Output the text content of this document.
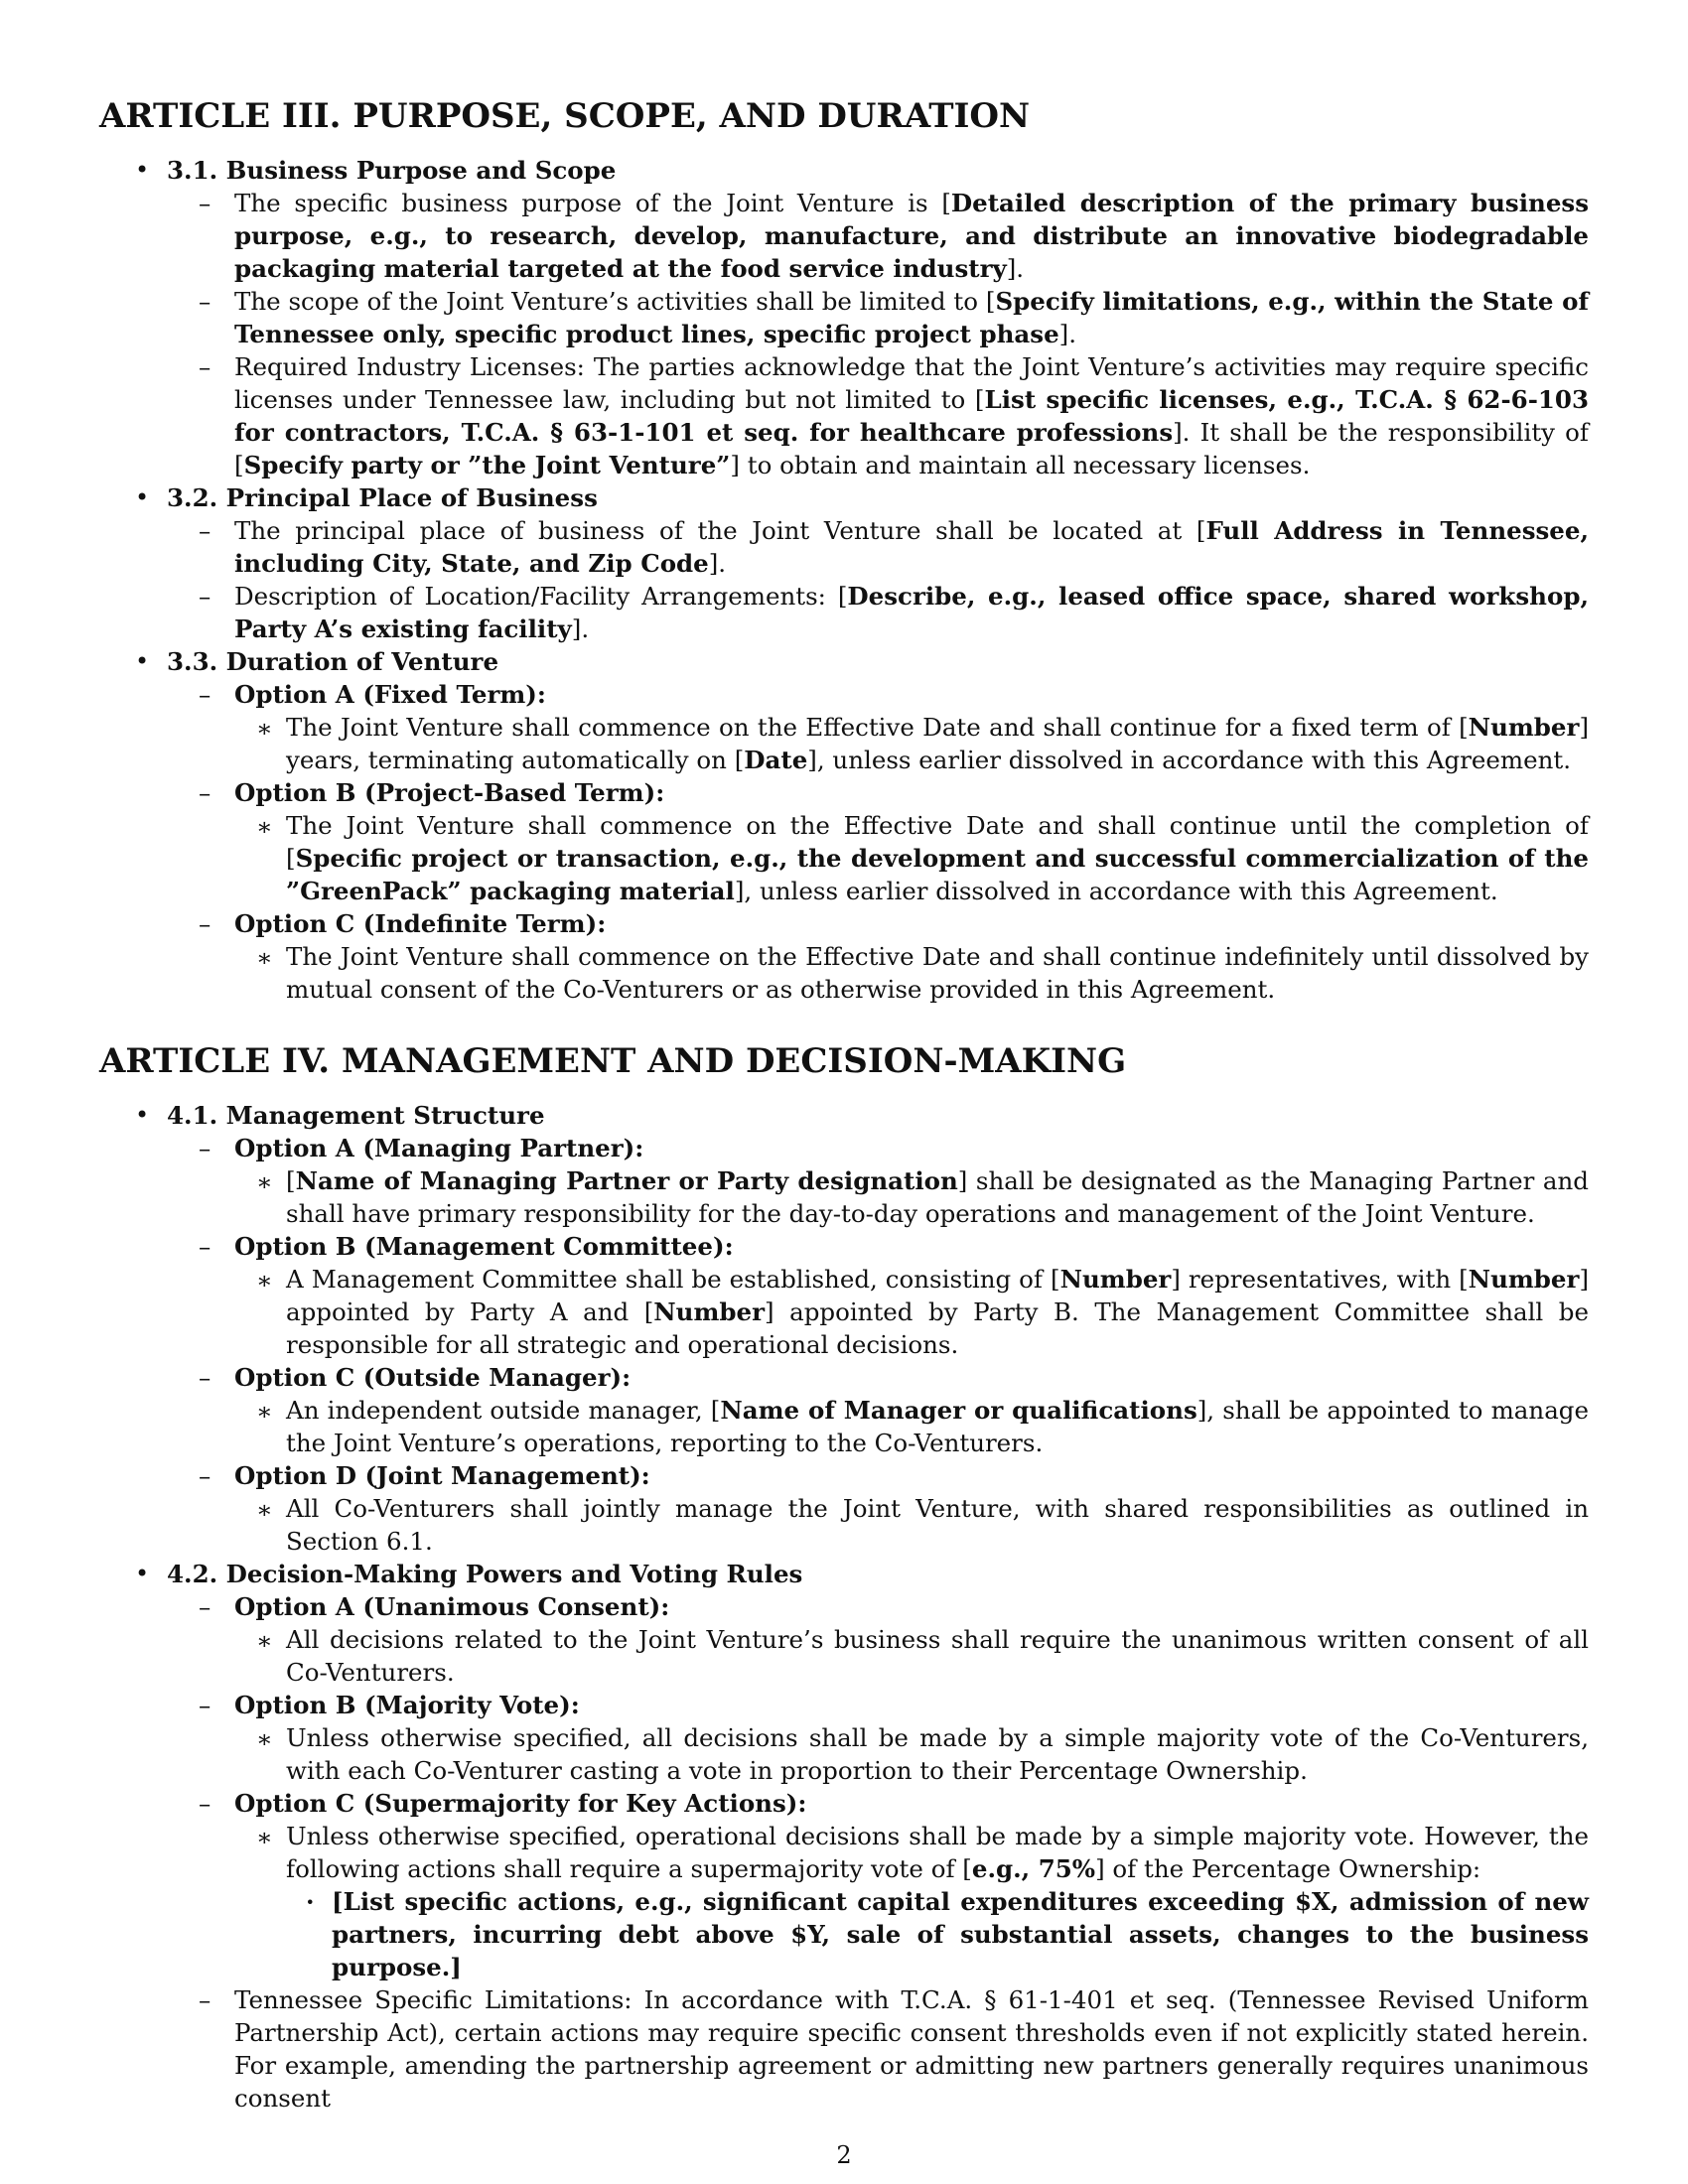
ARTICLE III. PURPOSE, SCOPE, AND DURATION
• 3.1. Business Purpose and Scope
– The specific business purpose of the Joint Venture is [Detailed description of the primary business purpose, e.g., to research, develop, manufacture, and distribute an innovative biodegradable packaging material targeted at the food service industry].
– The scope of the Joint Venture’s activities shall be limited to [Specify limitations, e.g., within the State of Tennessee only, specific product lines, specific project phase].
– Required Industry Licenses: The parties acknowledge that the Joint Venture’s activities may require specific licenses under Tennessee law, including but not limited to [List specific licenses, e.g., T.C.A. § 62-6-103 for contractors, T.C.A. § 63-1-101 et seq. for healthcare professions]. It shall be the responsibility of [Specify party or ”the Joint Venture”] to obtain and maintain all necessary licenses.
• 3.2. Principal Place of Business
– The principal place of business of the Joint Venture shall be located at [Full Address in Tennessee, including City, State, and Zip Code].
– Description of Location/Facility Arrangements: [Describe, e.g., leased office space, shared workshop, Party A’s existing facility].
• 3.3. Duration of Venture
– Option A (Fixed Term):
∗ The Joint Venture shall commence on the Effective Date and shall continue for a fixed term of [Number] years, terminating automatically on [Date], unless earlier dissolved in accordance with this Agreement.
– Option B (Project-Based Term):
∗ The Joint Venture shall commence on the Effective Date and shall continue until the completion of [Specific project or transaction, e.g., the development and successful commercialization of the ”GreenPack” packaging material], unless earlier dissolved in accordance with this Agreement.
– Option C (Indefinite Term):
∗ The Joint Venture shall commence on the Effective Date and shall continue indefinitely until dissolved by mutual consent of the Co-Venturers or as otherwise provided in this Agreement.
ARTICLE IV. MANAGEMENT AND DECISION-MAKING
• 4.1. Management Structure
– Option A (Managing Partner):
∗ [Name of Managing Partner or Party designation] shall be designated as the Managing Partner and shall have primary responsibility for the day-to-day operations and management of the Joint Venture.
– Option B (Management Committee):
∗ A Management Committee shall be established, consisting of [Number] representatives, with [Number] appointed by Party A and [Number] appointed by Party B. The Management Committee shall be responsible for all strategic and operational decisions.
– Option C (Outside Manager):
∗ An independent outside manager, [Name of Manager or qualifications], shall be appointed to manage the Joint Venture’s operations, reporting to the Co-Venturers.
– Option D (Joint Management):
∗ All Co-Venturers shall jointly manage the Joint Venture, with shared responsibilities as outlined in Section 6.1.
• 4.2. Decision-Making Powers and Voting Rules
– Option A (Unanimous Consent):
∗ All decisions related to the Joint Venture’s business shall require the unanimous written consent of all Co-Venturers.
– Option B (Majority Vote):
∗ Unless otherwise specified, all decisions shall be made by a simple majority vote of the Co-Venturers, with each Co-Venturer casting a vote in proportion to their Percentage Ownership.
– Option C (Supermajority for Key Actions):
∗ Unless otherwise specified, operational decisions shall be made by a simple majority vote. However, the following actions shall require a supermajority vote of [e.g., 75%] of the Percentage Ownership:
· [List specific actions, e.g., significant capital expenditures exceeding $X, admission of new partners, incurring debt above $Y, sale of substantial assets, changes to the business purpose.]
– Tennessee Specific Limitations: In accordance with T.C.A. § 61-1-401 et seq. (Tennessee Revised Uniform Partnership Act), certain actions may require specific consent thresholds even if not explicitly stated herein. For example, amending the partnership agreement or admitting new partners generally requires unanimous consent
2
